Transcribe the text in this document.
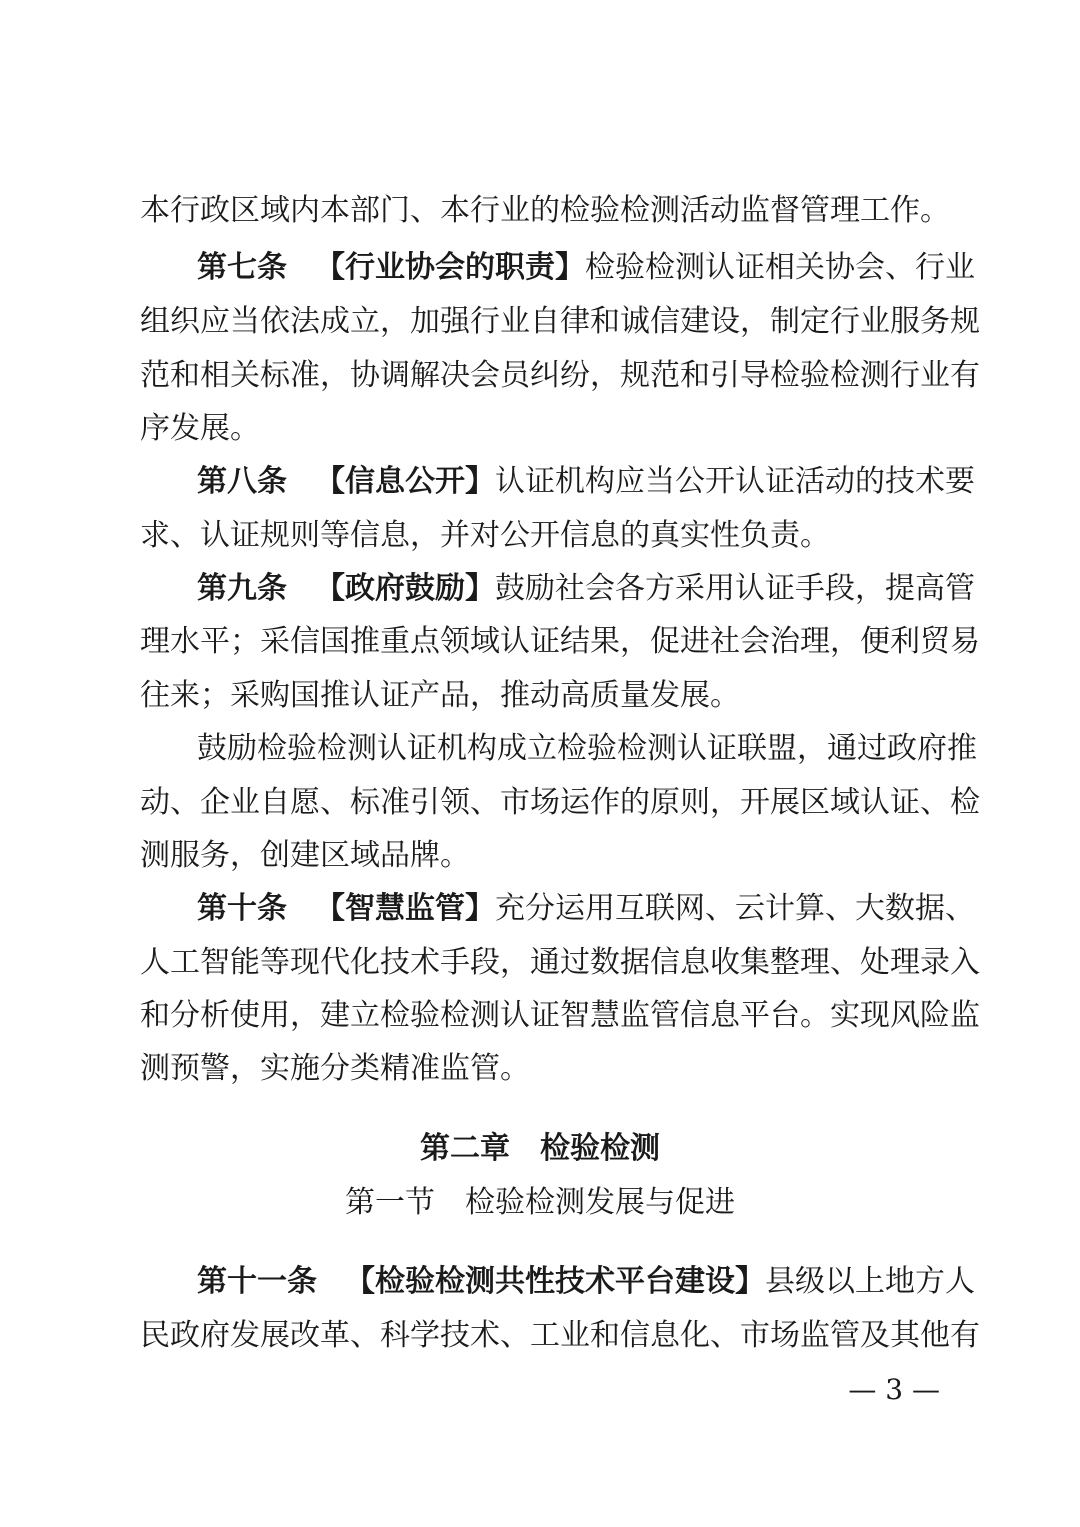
本行政区域内本部门、本行业的检验检测活动监督管理工作。
第七条 【行业协会的职责】检验检测认证相关协会、行业
组织应当依法成立，加强行业自律和诚信建设，制定行业服务规
范和相关标准，协调解决会员纠纷，规范和引导检验检测行业有
序发展。
第八条 【信息公开】认证机构应当公开认证活动的技术要
求、认证规则等信息，并对公开信息的真实性负责。
第九条 【政府鼓励】鼓励社会各方采用认证手段，提高管
理水平；采信国推重点领域认证结果，促进社会治理，便利贸易
往来；采购国推认证产品，推动高质量发展。
鼓励检验检测认证机构成立检验检测认证联盟，通过政府推
动、企业自愿、标准引领、市场运作的原则，开展区域认证、检
测服务，创建区域品牌。
第十条 【智慧监管】充分运用互联网、云计算、大数据、
人工智能等现代化技术手段，通过数据信息收集整理、处理录入
和分析使用，建立检验检测认证智慧监管信息平台。实现风险监
测预警，实施分类精准监管。
第二章　检验检测
第一节　检验检测发展与促进
第十一条 【检验检测共性技术平台建设】县级以上地方人
民政府发展改革、科学技术、工业和信息化、市场监管及其他有
— 3 —
